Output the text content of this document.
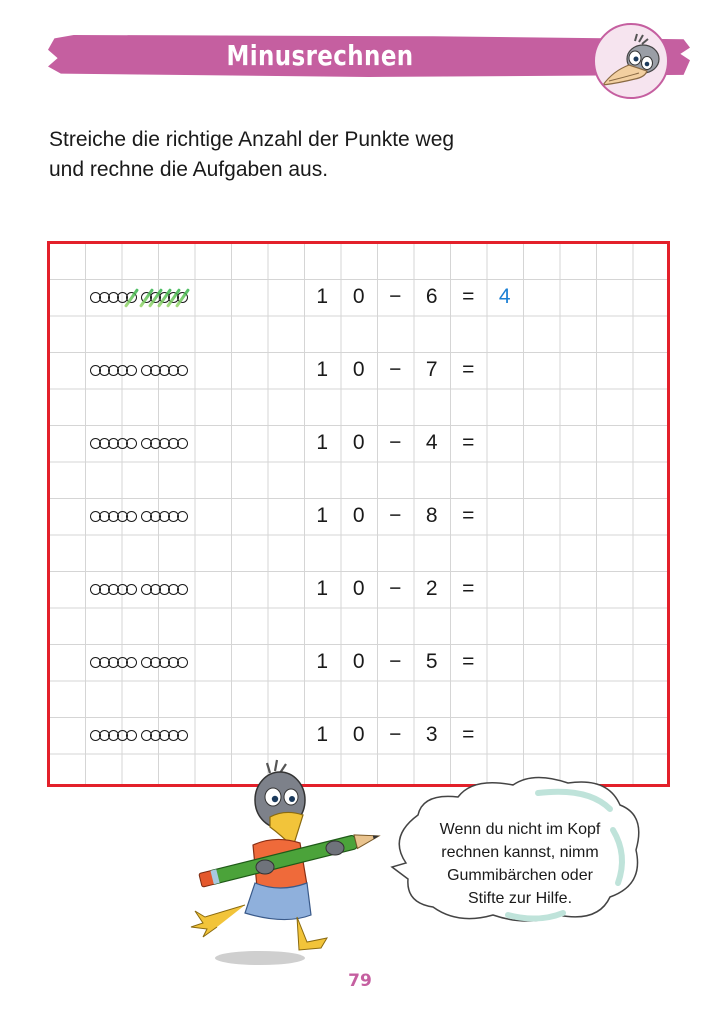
Minusrechnen
Streiche die richtige Anzahl der Punkte weg
und rechne die Aufgaben aus.
1	0	−	6	=	4
1	0	−	7	=
1	0	−	4	=
1	0	−	8	=
1	0	−	2	=
1	0	−	5	=
1	0	−	3	=
Wenn du nicht im Kopf
rechnen kannst, nimm
Gummibärchen oder
Stifte zur Hilfe.
79
